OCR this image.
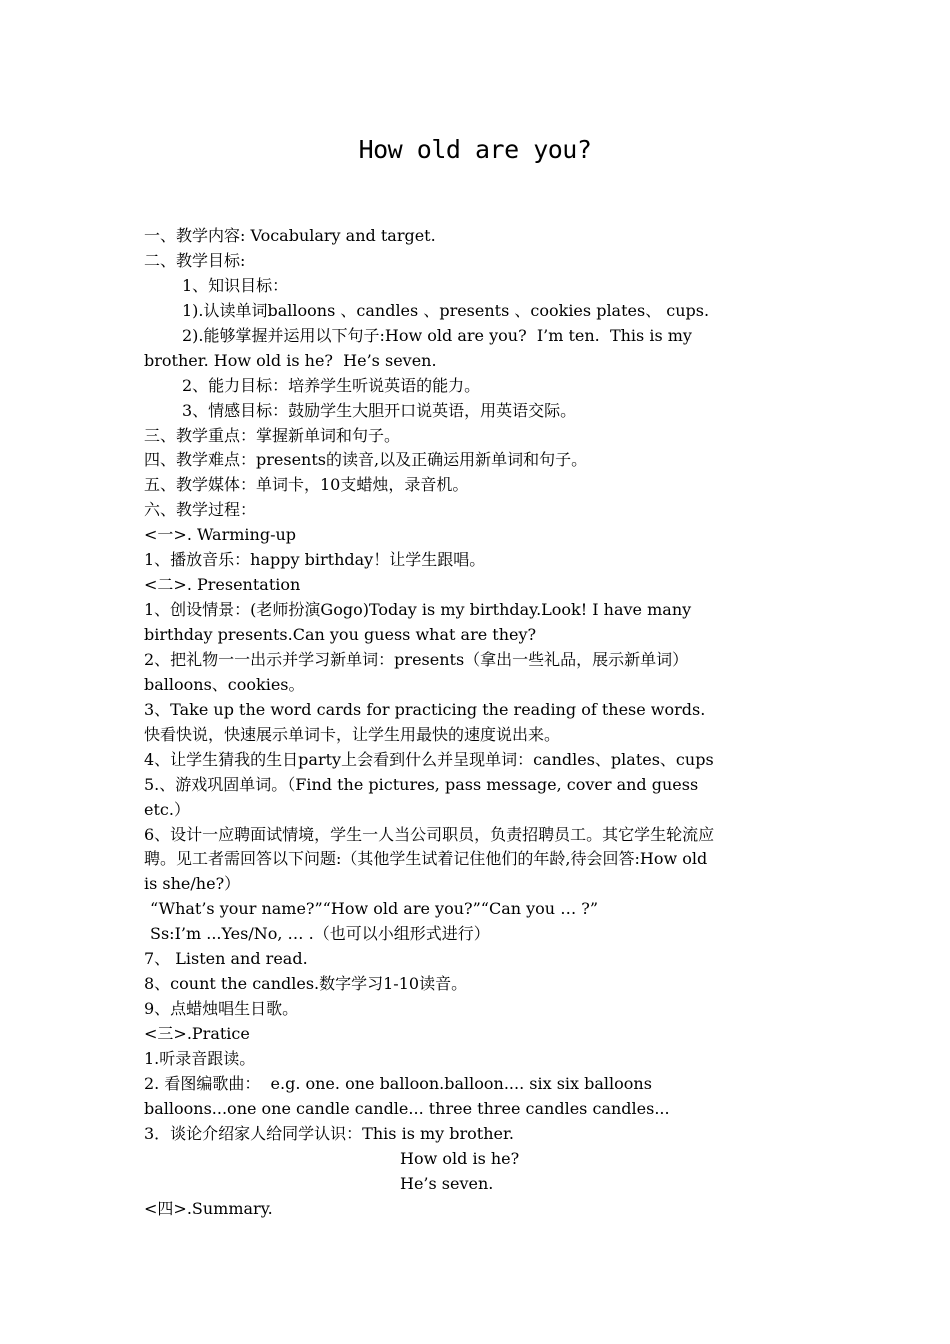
How old are you?
一、教学内容: Vocabulary and target.
二、教学目标:
1、知识目标：
1).认读单词balloons 、candles 、presents 、cookies plates、 cups.
2).能够掌握并运用以下句子:How old are you?  I’m ten.  This is my
brother. How old is he?  He’s seven.
2、能力目标：培养学生听说英语的能力。
3、情感目标：鼓励学生大胆开口说英语，用英语交际。
三、教学重点：掌握新单词和句子。
四、教学难点：presents的读音,以及正确运用新单词和句子。
五、教学媒体：单词卡，10支蜡烛，录音机。
六、教学过程：
<一>. Warming-up
1、播放音乐：happy birthday！让学生跟唱。
<二>. Presentation
1、创设情景：(老师扮演Gogo)Today is my birthday.Look! I have many
birthday presents.Can you guess what are they?
2、把礼物一一出示并学习新单词：presents（拿出一些礼品，展示新单词）
balloons、cookies。
3、Take up the word cards for practicing the reading of these words.
快看快说，快速展示单词卡，让学生用最快的速度说出来。
4、让学生猜我的生日party上会看到什么并呈现单词：candles、plates、cups
5.、游戏巩固单词。（Find the pictures, pass message, cover and guess
etc.）
6、设计一应聘面试情境，学生一人当公司职员，负责招聘员工。其它学生轮流应
聘。见工者需回答以下问题:（其他学生试着记住他们的年龄,待会回答:How old
is she/he?）
“What’s your name?”“How old are you?”“Can you … ?”
Ss:I’m ...Yes/No, … .（也可以小组形式进行）
7、 Listen and read.
8、count the candles.数字学习1-10读音。
9、点蜡烛唱生日歌。
<三>.Pratice
1.听录音跟读。
2. 看图编歌曲：  e.g. one. one balloon.balloon.... six six balloons
balloons...one one candle candle... three three candles candles...
3．谈论介绍家人给同学认识：This is my brother.
How old is he?
He’s seven.
<四>.Summary.
